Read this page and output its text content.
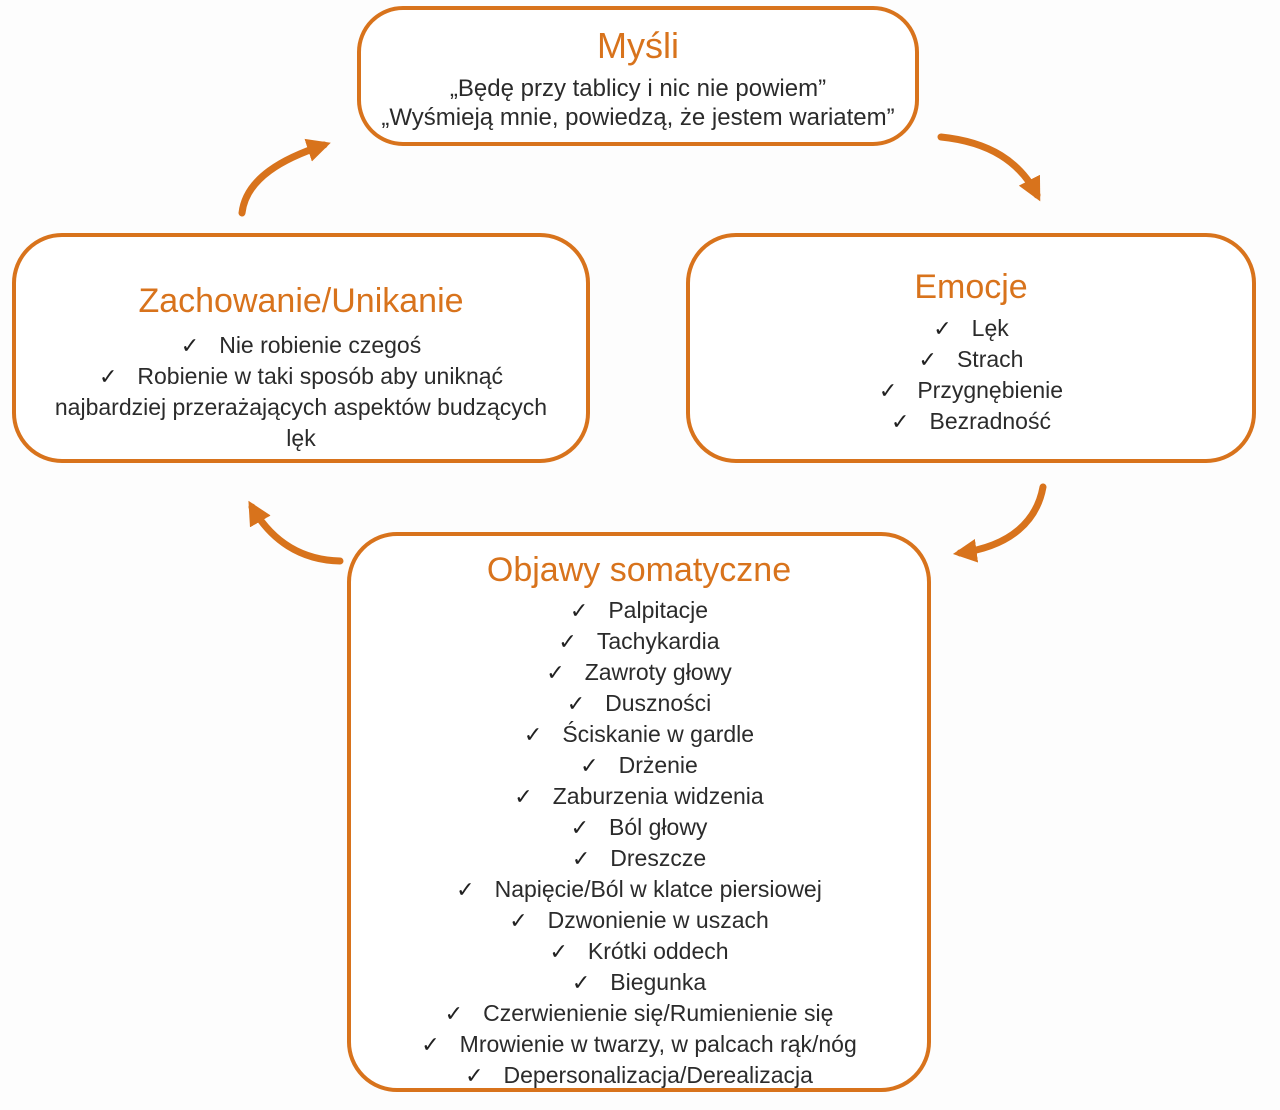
Myśli
„Będę przy tablicy i nic nie powiem”
„Wyśmieją mnie, powiedzą, że jestem wariatem”
Emocje
✓ Lęk
✓ Strach
✓ Przygnębienie
✓ Bezradność
Zachowanie/Unikanie
✓ Nie robienie czegoś
✓ Robienie w taki sposób aby uniknąć najbardziej przerażających aspektów budzących lęk
Objawy somatyczne
✓ Palpitacje
✓ Tachykardia
✓ Zawroty głowy
✓ Duszności
✓ Ściskanie w gardle
✓ Drżenie
✓ Zaburzenia widzenia
✓ Ból głowy
✓ Dreszcze
✓ Napięcie/Ból w klatce piersiowej
✓ Dzwonienie w uszach
✓ Krótki oddech
✓ Biegunka
✓ Czerwienienie się/Rumienienie się
✓ Mrowienie w twarzy, w palcach rąk/nóg
✓ Depersonalizacja/Derealizacja
